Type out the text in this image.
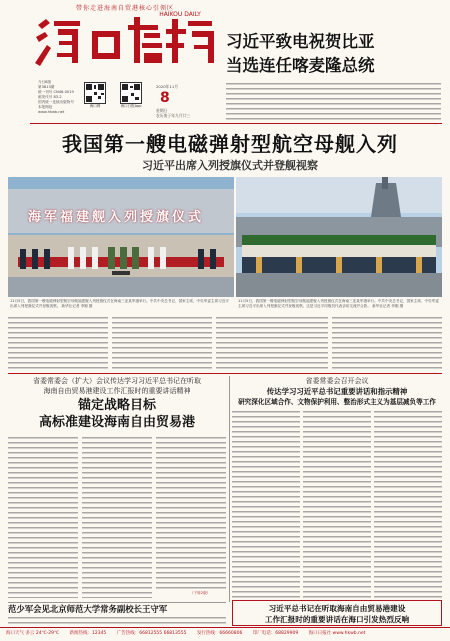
带你走进海南自贸港核心引领区
HAIKOU DAILY
今日8版
第3813期
统一刊号 CN46-0019
邮发代号 83-2
国内统一连续出版物号
本报网址 www.hkwb.net
海口网	海口日报App
2020年11月
8
星期日
农历庚子年九月廿三
习近平致电祝贺比亚
当选连任喀麦隆总统
我国第一艘电磁弹射型航空母舰入列
习近平出席入列授旗仪式并登舰视察
海军福建舰入列授旗仪式
11月5日，我国第一艘电磁弹射型航空母舰福建舰入列授旗仪式在海南三亚某军港举行。中共中央总书记、国家主席、中央军委主席习近平出席入列授旗仪式并登舰视察。 新华社记者 李刚 摄
11月5日，我国第一艘电磁弹射型航空母舰福建舰入列授旗仪式在海南三亚某军港举行。中共中央总书记、国家主席、中央军委主席习近平出席入列授旗仪式并登舰视察。这是习近平同舰员代表亲切交流并合影。 新华社记者 李刚 摄
省委常委会（扩大）会议传达学习习近平总书记在听取
海南自由贸易港建设工作汇报时的重要讲话精神
锚定战略目标
高标准建设海南自由贸易港
（下转2版）
省委常委会召开会议
传达学习习近平总书记重要讲话和指示精神
研究深化区域合作、文物保护利用、整治形式主义为基层减负等工作
范少军会见北京师范大学常务副校长王守军	习近平总书记在听取海南自由贸易港建设
工作汇报时的重要讲话在海口引发热烈反响
海口天气 多云 24℃-29℃ 新闻热线：12345 广告热线：66812555 66813555 发行热线：66660806 印厂电话：68829909 海口日报社 www.hkwb.net
